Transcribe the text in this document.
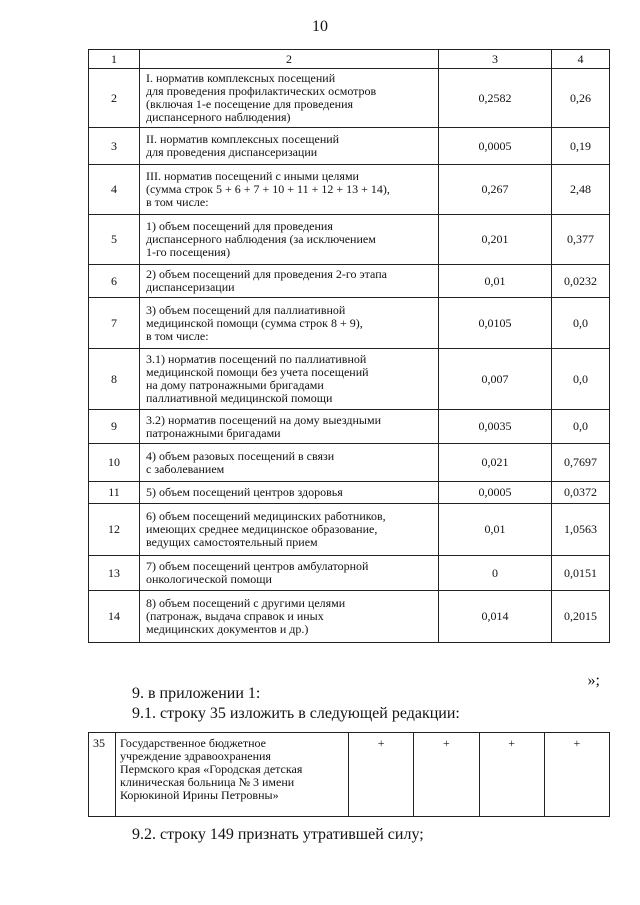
10
1	2	3	4
2	I. норматив комплексных посещений
для проведения профилактических осмотров
(включая 1-е посещение для проведения
диспансерного наблюдения)	0,2582	0,26
3	II. норматив комплексных посещений
для проведения диспансеризации	0,0005	0,19
4	III. норматив посещений с иными целями
(сумма строк 5 + 6 + 7 + 10 + 11 + 12 + 13 + 14),
в том числе:	0,267	2,48
5	1) объем посещений для проведения
диспансерного наблюдения (за исключением
1-го посещения)	0,201	0,377
6	2) объем посещений для проведения 2-го этапа
диспансеризации	0,01	0,0232
7	3) объем посещений для паллиативной
медицинской помощи (сумма строк 8 + 9),
в том числе:	0,0105	0,0
8	3.1) норматив посещений по паллиативной
медицинской помощи без учета посещений
на дому патронажными бригадами
паллиативной медицинской помощи	0,007	0,0
9	3.2) норматив посещений на дому выездными
патронажными бригадами	0,0035	0,0
10	4) объем разовых посещений в связи
с заболеванием	0,021	0,7697
11	5) объем посещений центров здоровья	0,0005	0,0372
12	6) объем посещений медицинских работников,
имеющих среднее медицинское образование,
ведущих самостоятельный прием	0,01	1,0563
13	7) объем посещений центров амбулаторной
онкологической помощи	0	0,0151
14	8) объем посещений с другими целями
(патронаж, выдача справок и иных
медицинских документов и др.)	0,014	0,2015
»;
9. в приложении 1:
9.1. строку 35 изложить в следующей редакции:
35	Государственное бюджетное
учреждение здравоохранения
Пермского края «Городская детская
клиническая больница № 3 имени
Корюкиной Ирины Петровны»	+	+	+	+
9.2. строку 149 признать утратившей силу;
